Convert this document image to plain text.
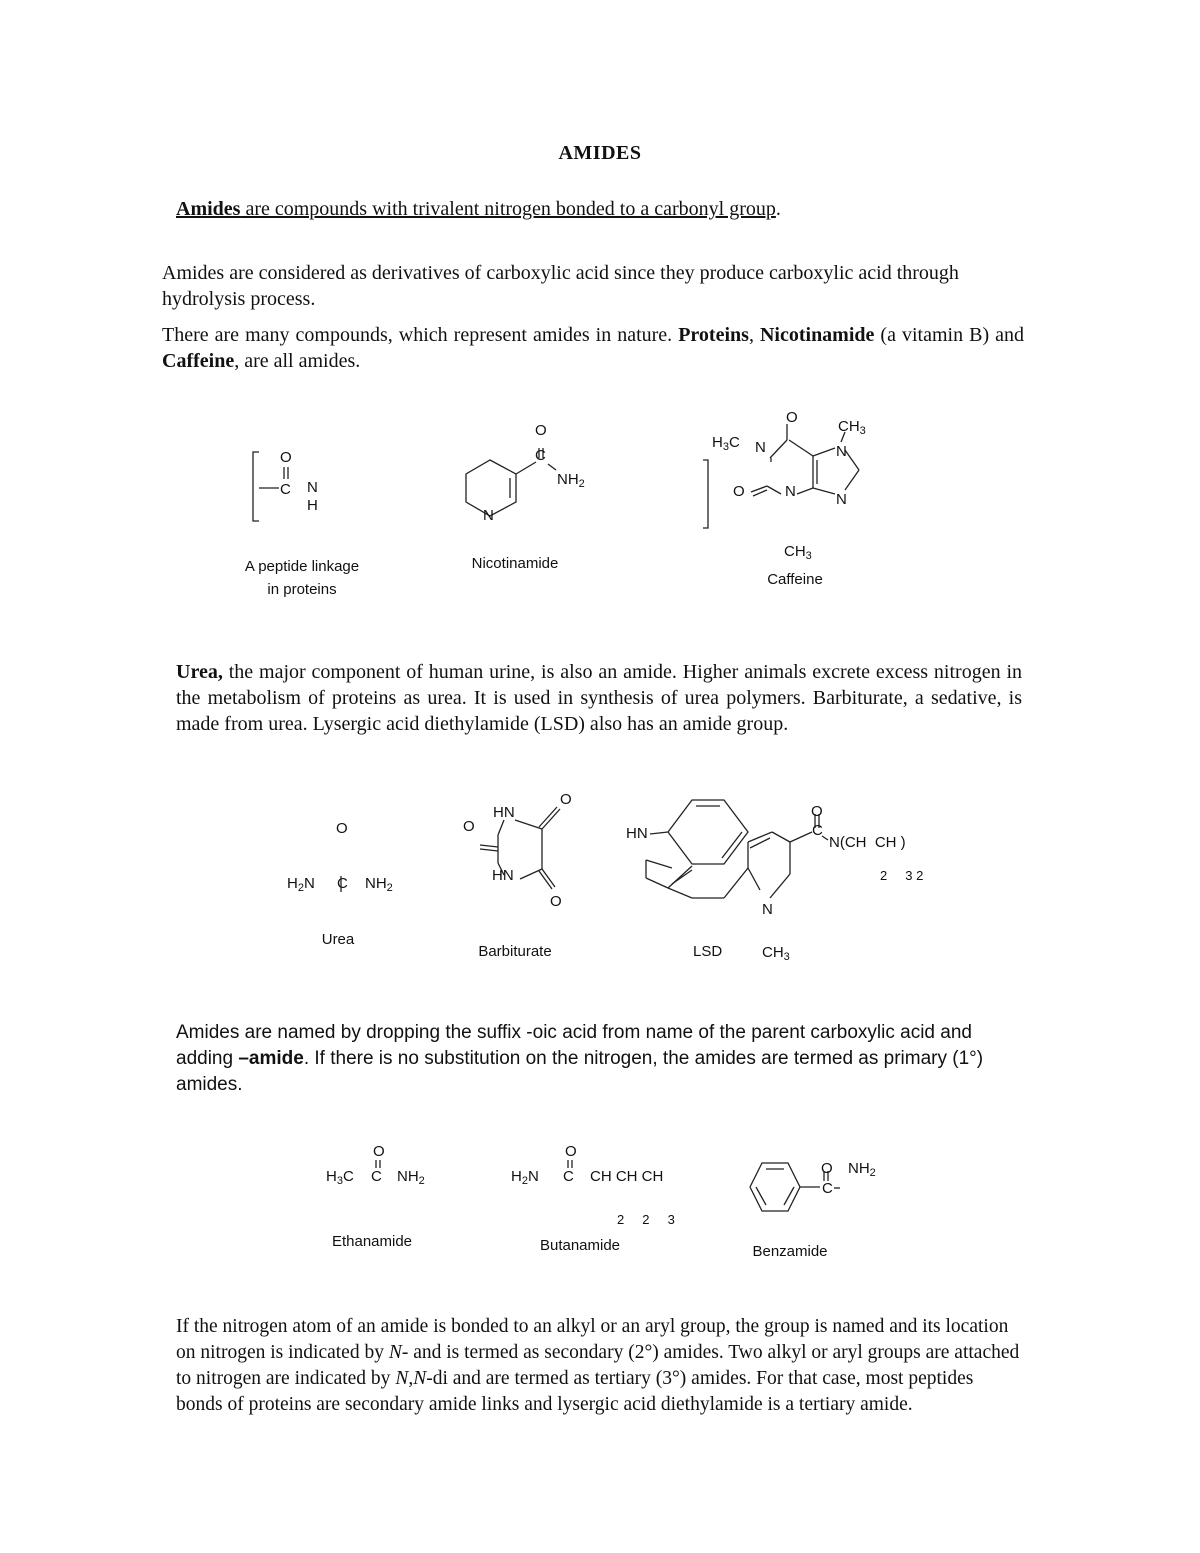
AMIDES
Amides are compounds with trivalent nitrogen bonded to a carbonyl group.
Amides are considered as derivatives of carboxylic acid since they produce carboxylic acid through hydrolysis process.
There are many compounds, which represent amides in nature. Proteins, Nicotinamide (a vitamin B) and Caffeine, are all amides.
O
C N
H
A peptide linkage
in proteins
O
C
$NH_2$
N
Nicotinamide
O
$CH_3$
$H_3C$ N	N
O	N	N
$CH_3$
Caffeine
Urea, the major component of human urine, is also an amide. Higher animals excrete excess nitrogen in the metabolism of proteins as urea. It is used in synthesis of urea polymers. Barbiturate, a sedative, is made from urea. Lysergic acid diethylamide (LSD) also has an amide group.
O
$H_2N$ C $NH_2$
Urea
HN
O
O
HN
O
Barbiturate
HN
O
C
N(CH  CH )
2     3 2
N
LSD	$CH_3$
Amides are named by dropping the suffix -oic acid from name of the parent carboxylic acid and adding –amide. If there is no substitution on the nitrogen, the amides are termed as primary (1°) amides.
O
$H_3C$ C $NH_2$
Ethanamide
O
$H_2N$ C CH CH CH
2     2     3
Butanamide
O $NH_2$
C
Benzamide
If the nitrogen atom of an amide is bonded to an alkyl or an aryl group, the group is named and its location on nitrogen is indicated by N- and is termed as secondary (2°) amides. Two alkyl or aryl groups are attached to nitrogen are indicated by N,N-di and are termed as tertiary (3°) amides. For that case, most peptides bonds of proteins are secondary amide links and lysergic acid diethylamide is a tertiary amide.
